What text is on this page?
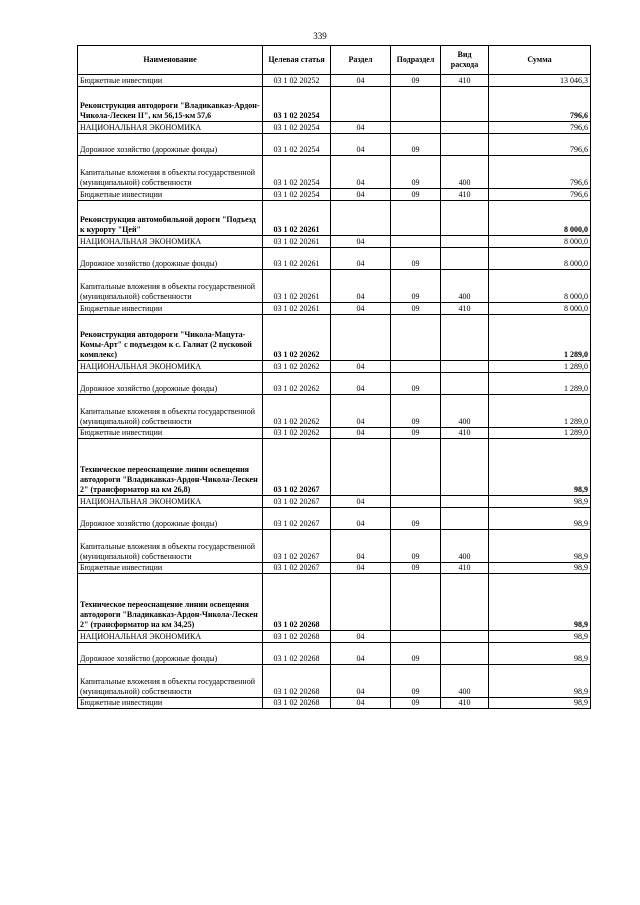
339
Наименование	Целевая статья	Раздел	Подраздел	Вид расхода	Сумма
Бюджетные инвестиции	03 1 02 20252	04	09	410	13 046,3
Реконструкция автодороги "Владикавказ-Ардон-Чикола-Лескен II", км 56,15-км 57,6	03 1 02 20254				796,6
НАЦИОНАЛЬНАЯ ЭКОНОМИКА	03 1 02 20254	04			796,6
Дорожное хозяйство (дорожные фонды)	03 1 02 20254	04	09		796,6
Капитальные вложения в объекты государственной (муниципальной) собственности	03 1 02 20254	04	09	400	796,6
Бюджетные инвестиции	03 1 02 20254	04	09	410	796,6
Реконструкция автомобильной дороги "Подъезд к курорту "Цей"	03 1 02 20261				8 000,0
НАЦИОНАЛЬНАЯ ЭКОНОМИКА	03 1 02 20261	04			8 000,0
Дорожное хозяйство (дорожные фонды)	03 1 02 20261	04	09		8 000,0
Капитальные вложения в объекты государственной (муниципальной) собственности	03 1 02 20261	04	09	400	8 000,0
Бюджетные инвестиции	03 1 02 20261	04	09	410	8 000,0
Реконструкция автодороги "Чикола-Мацута-Комы-Арт" с подъездом к с. Галиат (2 пусковой комплекс)	03 1 02 20262				1 289,0
НАЦИОНАЛЬНАЯ ЭКОНОМИКА	03 1 02 20262	04			1 289,0
Дорожное хозяйство (дорожные фонды)	03 1 02 20262	04	09		1 289,0
Капитальные вложения в объекты государственной (муниципальной) собственности	03 1 02 20262	04	09	400	1 289,0
Бюджетные инвестиции	03 1 02 20262	04	09	410	1 289,0
Техническое переоснащение линии освещения автодороги "Владикавказ-Ардон-Чикола-Лескен 2" (трансформатор на км 26,8)	03 1 02 20267				98,9
НАЦИОНАЛЬНАЯ ЭКОНОМИКА	03 1 02 20267	04			98,9
Дорожное хозяйство (дорожные фонды)	03 1 02 20267	04	09		98,9
Капитальные вложения в объекты государственной (муниципальной) собственности	03 1 02 20267	04	09	400	98,9
Бюджетные инвестиции	03 1 02 20267	04	09	410	98,9
Техническое переоснащение линии освещения автодороги "Владикавказ-Ардон-Чикола-Лескен 2" (трансформатор на км 34,25)	03 1 02 20268				98,9
НАЦИОНАЛЬНАЯ ЭКОНОМИКА	03 1 02 20268	04			98,9
Дорожное хозяйство (дорожные фонды)	03 1 02 20268	04	09		98,9
Капитальные вложения в объекты государственной (муниципальной) собственности	03 1 02 20268	04	09	400	98,9
Бюджетные инвестиции	03 1 02 20268	04	09	410	98,9
